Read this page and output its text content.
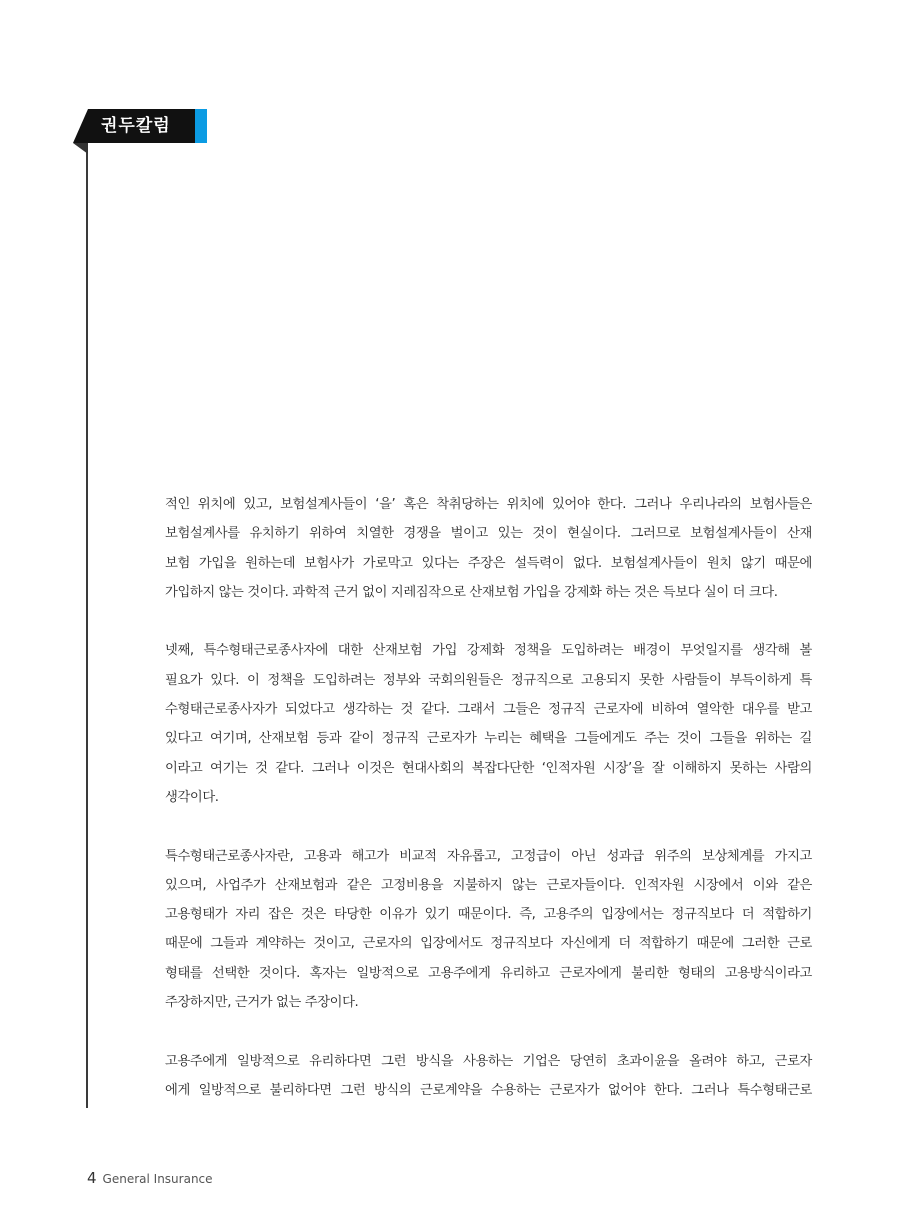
권두칼럼
적인 위치에 있고, 보험설계사들이 ‘을’ 혹은 착취당하는 위치에 있어야 한다. 그러나 우리나라의 보험사들은
보험설계사를 유치하기 위하여 치열한 경쟁을 벌이고 있는 것이 현실이다. 그러므로 보험설계사들이 산재
보험 가입을 원하는데 보험사가 가로막고 있다는 주장은 설득력이 없다. 보험설계사들이 원치 않기 때문에
가입하지 않는 것이다. 과학적 근거 없이 지레짐작으로 산재보험 가입을 강제화 하는 것은 득보다 실이 더 크다.
넷째, 특수형태근로종사자에 대한 산재보험 가입 강제화 정책을 도입하려는 배경이 무엇일지를 생각해 볼
필요가 있다. 이 정책을 도입하려는 정부와 국회의원들은 정규직으로 고용되지 못한 사람들이 부득이하게 특
수형태근로종사자가 되었다고 생각하는 것 같다. 그래서 그들은 정규직 근로자에 비하여 열악한 대우를 받고
있다고 여기며, 산재보험 등과 같이 정규직 근로자가 누리는 혜택을 그들에게도 주는 것이 그들을 위하는 길
이라고 여기는 것 같다. 그러나 이것은 현대사회의 복잡다단한 ‘인적자원 시장’을 잘 이해하지 못하는 사람의
생각이다.
특수형태근로종사자란, 고용과 해고가 비교적 자유롭고, 고정급이 아닌 성과급 위주의 보상체계를 가지고
있으며, 사업주가 산재보험과 같은 고정비용을 지불하지 않는 근로자들이다. 인적자원 시장에서 이와 같은
고용형태가 자리 잡은 것은 타당한 이유가 있기 때문이다. 즉, 고용주의 입장에서는 정규직보다 더 적합하기
때문에 그들과 계약하는 것이고, 근로자의 입장에서도 정규직보다 자신에게 더 적합하기 때문에 그러한 근로
형태를 선택한 것이다. 혹자는 일방적으로 고용주에게 유리하고 근로자에게 불리한 형태의 고용방식이라고
주장하지만, 근거가 없는 주장이다.
고용주에게 일방적으로 유리하다면 그런 방식을 사용하는 기업은 당연히 초과이윤을 올려야 하고, 근로자
에게 일방적으로 불리하다면 그런 방식의 근로계약을 수용하는 근로자가 없어야 한다. 그러나 특수형태근로
4 General Insurance
